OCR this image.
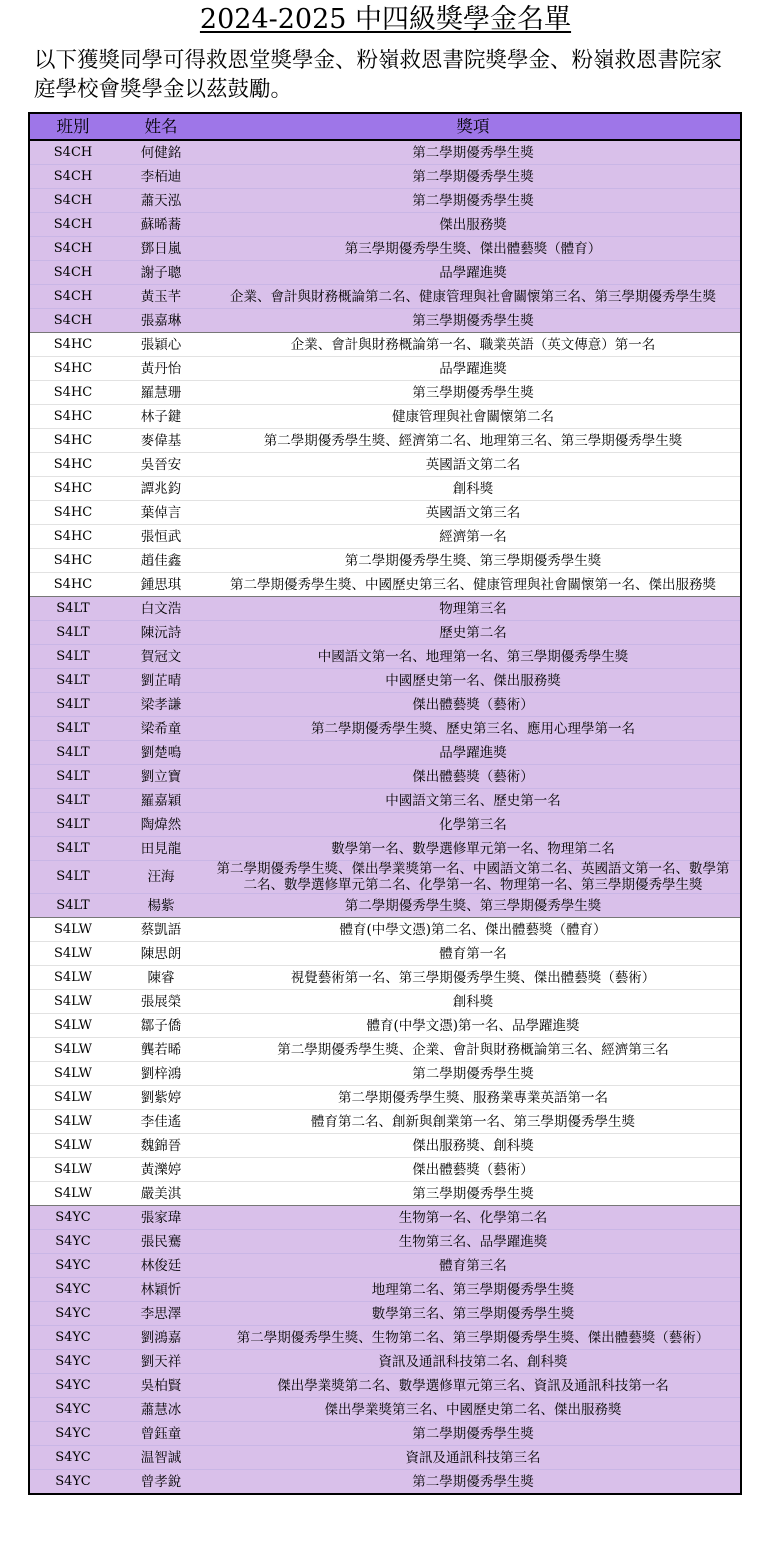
2024-2025 中四級獎學金名單
以下獲獎同學可得救恩堂獎學金、粉嶺救恩書院獎學金、粉嶺救恩書院家庭學校會獎學金以茲鼓勵。
班別	姓名	獎項
S4CH	何健銘	第二學期優秀學生獎
S4CH	李栢迪	第二學期優秀學生獎
S4CH	蕭天泓	第二學期優秀學生獎
S4CH	蘇晞蕎	傑出服務獎
S4CH	鄧日嵐	第三學期優秀學生獎、傑出體藝獎（體育）
S4CH	謝子聰	品學躍進獎
S4CH	黃玉芊	企業、會計與財務概論第二名、健康管理與社會關懷第三名、第三學期優秀學生獎
S4CH	張嘉琳	第三學期優秀學生獎
S4HC	張穎心	企業、會計與財務概論第一名、職業英語（英文傳意）第一名
S4HC	黃丹怡	品學躍進獎
S4HC	羅慧珊	第三學期優秀學生獎
S4HC	林子鍵	健康管理與社會關懷第二名
S4HC	麥偉基	第二學期優秀學生獎、經濟第二名、地理第三名、第三學期優秀學生獎
S4HC	吳晉安	英國語文第二名
S4HC	譚兆鈞	創科獎
S4HC	葉倬言	英國語文第三名
S4HC	張恒武	經濟第一名
S4HC	趙佳鑫	第二學期優秀學生獎、第三學期優秀學生獎
S4HC	鍾思琪	第二學期優秀學生獎、中國歷史第三名、健康管理與社會關懷第一名、傑出服務獎
S4LT	白文浩	物理第三名
S4LT	陳沅詩	歷史第二名
S4LT	賀冠文	中國語文第一名、地理第一名、第三學期優秀學生獎
S4LT	劉芷晴	中國歷史第一名、傑出服務獎
S4LT	梁孝謙	傑出體藝獎（藝術）
S4LT	梁希童	第二學期優秀學生獎、歷史第三名、應用心理學第一名
S4LT	劉楚鳴	品學躍進獎
S4LT	劉立寶	傑出體藝獎（藝術）
S4LT	羅嘉穎	中國語文第三名、歷史第一名
S4LT	陶煒然	化學第三名
S4LT	田見龍	數學第一名、數學選修單元第一名、物理第二名
S4LT	汪海	第二學期優秀學生獎、傑出學業獎第一名、中國語文第二名、英國語文第一名、數學第二名、數學選修單元第二名、化學第一名、物理第一名、第三學期優秀學生獎
S4LT	楊紫	第二學期優秀學生獎、第三學期優秀學生獎
S4LW	蔡凱語	體育(中學文憑)第二名、傑出體藝獎（體育）
S4LW	陳思朗	體育第一名
S4LW	陳睿	視覺藝術第一名、第三學期優秀學生獎、傑出體藝獎（藝術）
S4LW	張展榮	創科獎
S4LW	鄒子僑	體育(中學文憑)第一名、品學躍進獎
S4LW	龔若晞	第二學期優秀學生獎、企業、會計與財務概論第三名、經濟第三名
S4LW	劉梓鴻	第二學期優秀學生獎
S4LW	劉紫婷	第二學期優秀學生獎、服務業專業英語第一名
S4LW	李佳遙	體育第二名、創新與創業第一名、第三學期優秀學生獎
S4LW	魏錦晉	傑出服務獎、創科獎
S4LW	黃濼婷	傑出體藝獎（藝術）
S4LW	嚴美淇	第三學期優秀學生獎
S4YC	張家瑋	生物第一名、化學第二名
S4YC	張民騫	生物第三名、品學躍進獎
S4YC	林俊廷	體育第三名
S4YC	林穎忻	地理第二名、第三學期優秀學生獎
S4YC	李思澤	數學第三名、第三學期優秀學生獎
S4YC	劉鴻嘉	第二學期優秀學生獎、生物第二名、第三學期優秀學生獎、傑出體藝獎（藝術）
S4YC	劉天祥	資訊及通訊科技第二名、創科獎
S4YC	吳柏賢	傑出學業獎第二名、數學選修單元第三名、資訊及通訊科技第一名
S4YC	蕭慧冰	傑出學業獎第三名、中國歷史第二名、傑出服務獎
S4YC	曾鈺童	第二學期優秀學生獎
S4YC	温智誠	資訊及通訊科技第三名
S4YC	曾孝銳	第二學期優秀學生獎
